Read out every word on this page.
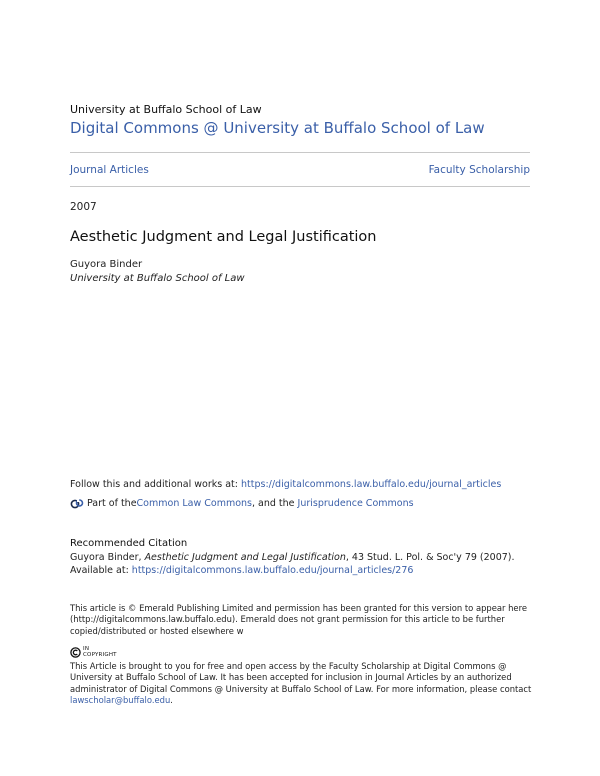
University at Buffalo School of Law
Digital Commons @ University at Buffalo School of Law
Journal Articles	Faculty Scholarship
2007
Aesthetic Judgment and Legal Justification
Guyora Binder
University at Buffalo School of Law
Follow this and additional works at: https://digitalcommons.law.buffalo.edu/journal_articles
Part of the Common Law Commons , and the Jurisprudence Commons
Recommended Citation
Guyora Binder, Aesthetic Judgment and Legal Justification, 43 Stud. L. Pol. & Soc'y 79 (2007).
Available at: https://digitalcommons.law.buffalo.edu/journal_articles/276
This article is © Emerald Publishing Limited and permission has been granted for this version to appear here (http://digitalcommons.law.buffalo.edu). Emerald does not grant permission for this article to be further copied/distributed or hosted elsewhere w
IN
COPYRIGHT
This Article is brought to you for free and open access by the Faculty Scholarship at Digital Commons @ University at Buffalo School of Law. It has been accepted for inclusion in Journal Articles by an authorized administrator of Digital Commons @ University at Buffalo School of Law. For more information, please contact lawscholar@buffalo.edu.
